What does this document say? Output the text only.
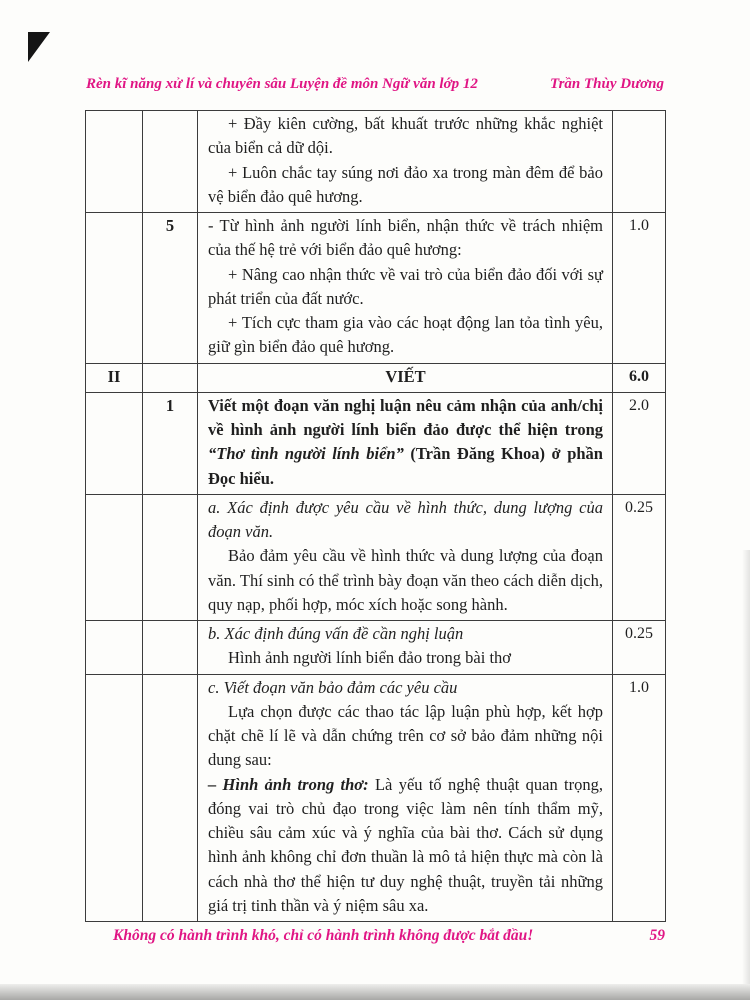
Rèn kĩ năng xử lí và chuyên sâu Luyện đề môn Ngữ văn lớp 12	Trần Thùy Dương

		+ Đầy kiên cường, bất khuất trước những khắc nghiệt của biển cả dữ dội.

+ Luôn chắc tay súng nơi đảo xa trong màn đêm để bảo vệ biển đảo quê hương.	

	5	- Từ hình ảnh người lính biển, nhận thức về trách nhiệm của thế hệ trẻ với biển đảo quê hương:

+ Nâng cao nhận thức về vai trò của biển đảo đối với sự phát triển của đất nước.

+ Tích cực tham gia vào các hoạt động lan tỏa tình yêu, giữ gìn biển đảo quê hương.	1.0
II		VIẾT	6.0
	1	Viết một đoạn văn nghị luận nêu cảm nhận của anh/chị về hình ảnh người lính biển đảo được thể hiện trong “Thơ tình người lính biển” (Trần Đăng Khoa) ở phần Đọc hiểu.	2.0

		a. Xác định được yêu cầu về hình thức, dung lượng của đoạn văn.

Bảo đảm yêu cầu về hình thức và dung lượng của đoạn văn. Thí sinh có thể trình bày đoạn văn theo cách diễn dịch, quy nạp, phối hợp, móc xích hoặc song hành.	0.25

		b. Xác định đúng vấn đề cần nghị luận

Hình ảnh người lính biển đảo trong bài thơ	0.25

		c. Viết đoạn văn bảo đảm các yêu cầu

Lựa chọn được các thao tác lập luận phù hợp, kết hợp chặt chẽ lí lẽ và dẫn chứng trên cơ sở bảo đảm những nội dung sau:

– Hình ảnh trong thơ: Là yếu tố nghệ thuật quan trọng, đóng vai trò chủ đạo trong việc làm nên tính thẩm mỹ, chiều sâu cảm xúc và ý nghĩa của bài thơ. Cách sử dụng hình ảnh không chỉ đơn thuần là mô tả hiện thực mà còn là cách nhà thơ thể hiện tư duy nghệ thuật, truyền tải những giá trị tinh thần và ý niệm sâu xa.	1.0
Không có hành trình khó, chỉ có hành trình không được bắt đầu!	59
